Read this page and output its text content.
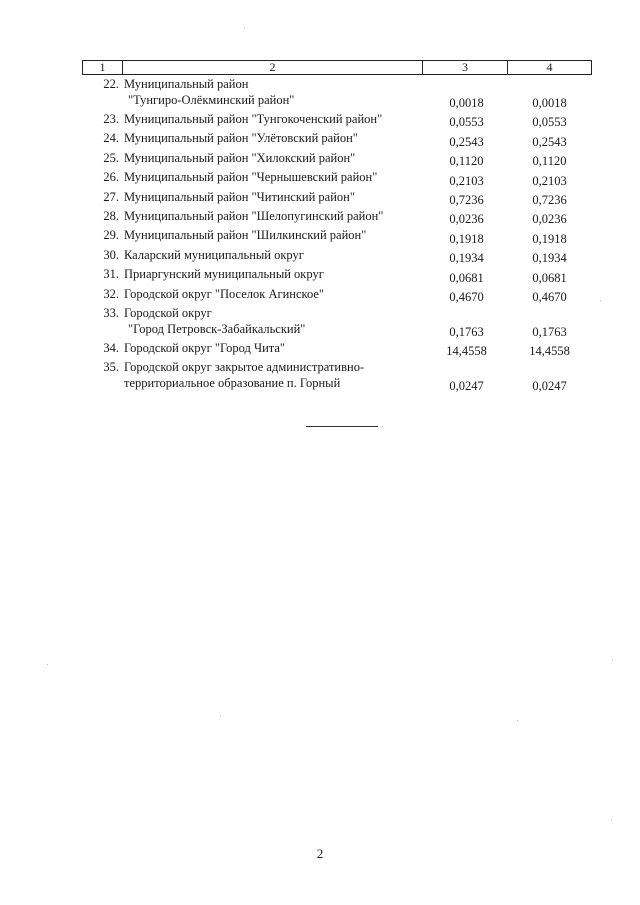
1	2	3	4
22. Муниципальный район
"Тунгиро-Олёкминский район"	0,0018	0,0018
23. Муниципальный район "Тунгокоченский район"	0,0553	0,0553
24. Муниципальный район "Улётовский район"	0,2543	0,2543
25. Муниципальный район "Хилокский район"	0,1120	0,1120
26. Муниципальный район "Чернышевский район"	0,2103	0,2103
27. Муниципальный район "Читинский район"	0,7236	0,7236
28. Муниципальный район "Шелопугинский район"	0,0236	0,0236
29. Муниципальный район "Шилкинский район"	0,1918	0,1918
30. Каларский муниципальный округ	0,1934	0,1934
31. Приаргунский муниципальный округ	0,0681	0,0681
32. Городской округ "Поселок Агинское"	0,4670	0,4670
33. Городской округ
"Город Петровск-Забайкальский"	0,1763	0,1763
34. Городской округ "Город Чита"	14,4558	14,4558
35. Городской округ закрытое административно-
территориальное образование п. Горный	0,0247	0,0247
2
